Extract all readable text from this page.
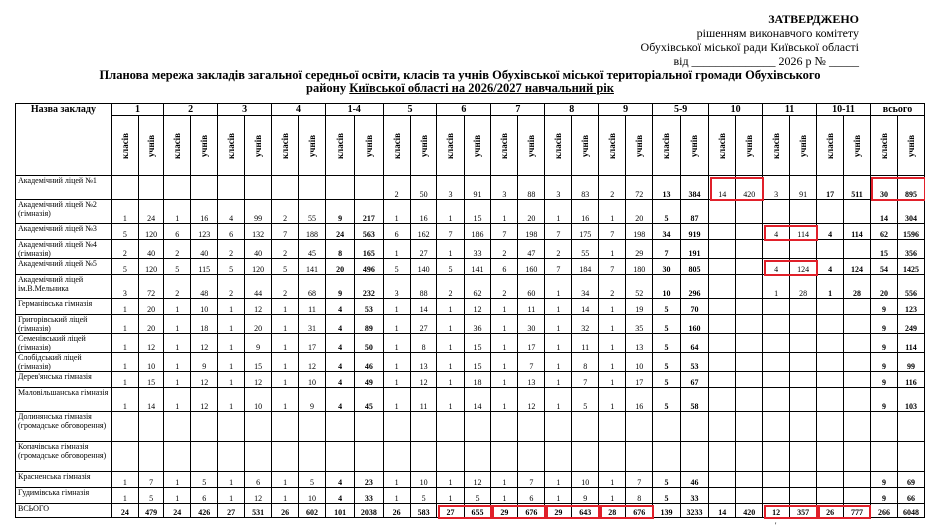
ЗАТВЕРДЖЕНО
рішенням виконавчого комітету
Обухівської міської ради Київської області
від ______________ 2026 р № _____
Планова мережа закладів загальної середньої освіти, класів та учнів Обухівської міської територіальної громади Обухівського
району Київської області на 2026/2027 навчальний рік
Назва закладу	1		2		3		4		1-4		5		6		7		8		9		5-9		10		11		10-11		всього	
	класів	учнів	класів	учнів	класів	учнів	класів	учнів	класів	учнів	класів	учнів	класів	учнів	класів	учнів	класів	учнів	класів	учнів	класів	учнів	класів	учнів	класів	учнів	класів	учнів	класів	учнів
Академічний ліцей №1											2	50	3	91	3	88	3	83	2	72	13	384	14	420	3	91	17	511	30	895
Академічний ліцей №2 (гімназія)	1	24	1	16	4	99	2	55	9	217	1	16	1	15	1	20	1	16	1	20	5	87							14	304
Академічний ліцей №3	5	120	6	123	6	132	7	188	24	563	6	162	7	186	7	198	7	175	7	198	34	919			4	114	4	114	62	1596
Академічний ліцей №4 (гімназія)	2	40	2	40	2	40	2	45	8	165	1	27	1	33	2	47	2	55	1	29	7	191							15	356
Академічний ліцей №5	5	120	5	115	5	120	5	141	20	496	5	140	5	141	6	160	7	184	7	180	30	805			4	124	4	124	54	1425
Академічний ліцей ім.В.Мельника	3	72	2	48	2	44	2	68	9	232	3	88	2	62	2	60	1	34	2	52	10	296			1	28	1	28	20	556
Германівська гімназія	1	20	1	10	1	12	1	11	4	53	1	14	1	12	1	11	1	14	1	19	5	70							9	123
Григорівський ліцей (гімназія)	1	20	1	18	1	20	1	31	4	89	1	27	1	36	1	30	1	32	1	35	5	160							9	249
Семенівський ліцей (гімназія)	1	12	1	12	1	9	1	17	4	50	1	8	1	15	1	17	1	11	1	13	5	64							9	114
Слобідський ліцей (гімназія)	1	10	1	9	1	15	1	12	4	46	1	13	1	15	1	7	1	8	1	10	5	53							9	99
Дерев'янська гімназія	1	15	1	12	1	12	1	10	4	49	1	12	1	18	1	13	1	7	1	17	5	67							9	116
Маловільшанська гімназія	1	14	1	12	1	10	1	9	4	45	1	11	1	14	1	12	1	5	1	16	5	58							9	103
Долинянська гімназія (громадське обговорення)																														
Копачівська гімназія (громадське обговорення)																														
Красненська гімназія	1	7	1	5	1	6	1	5	4	23	1	10	1	12	1	7	1	10	1	7	5	46							9	69
Гудимівська гімназія	1	5	1	6	1	12	1	10	4	33	1	5	1	5	1	6	1	9	1	8	5	33							9	66
ВСЬОГО	24	479	24	426	27	531	26	602	101	2038	26	583	27	655	29	676	29	643	28	676	139	3233	14	420	12	357	26	777	266	6048
'
